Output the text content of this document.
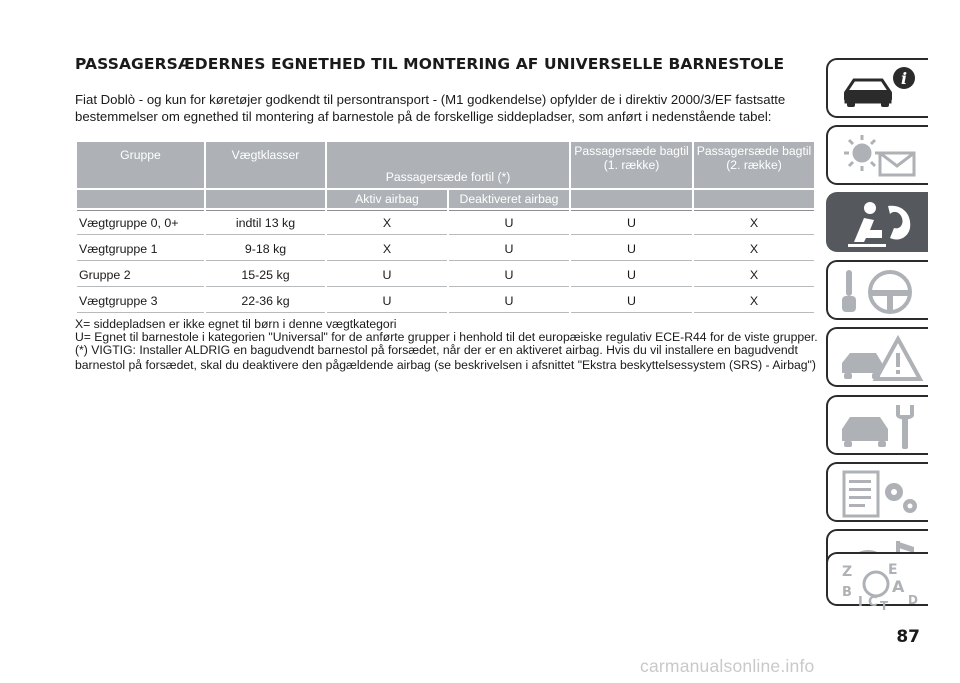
PASSAGERSÆDERNES EGNETHED TIL MONTERING AF UNIVERSELLE BARNESTOLE

Fiat Doblò - og kun for køretøjer godkendt til persontransport - (M1 godkendelse) opfylder de i direktiv 2000/3/EF fastsatte bestemmelser om egnethed til montering af barnestole på de forskellige siddepladser, som anført i nedenstående tabel:

Gruppe	Vægtklasser	Passagersæde fortil (*)		Passagersæde bagtil (1. række)	Passagersæde bagtil (2. række)
		Aktiv airbag	Deaktiveret airbag		
Vægtgruppe 0, 0+	indtil 13 kg	X	U	U	X
Vægtgruppe 1	9-18 kg	X	U	U	X
Gruppe 2	15-25 kg	U	U	U	X
Vægtgruppe 3	22-36 kg	U	U	U	X

X= siddepladsen er ikke egnet til børn i denne vægtkategori

U= Egnet til barnestole i kategorien "Universal" for de anførte grupper i henhold til det europæiske regulativ ECE-R44 for de viste grupper.

(*) VIGTIG: Installer ALDRIG en bagudvendt barnestol på forsædet, når der er en aktiveret airbag. Hvis du vil installere en bagudvendt

barnestol på forsædet, skal du deaktivere den pågældende airbag (se beskrivelsen i afsnittet "Ekstra beskyttelsessystem (SRS) - Airbag")

i
Z	E
B	A
I C	D
T
87
carmanualsonline.info
